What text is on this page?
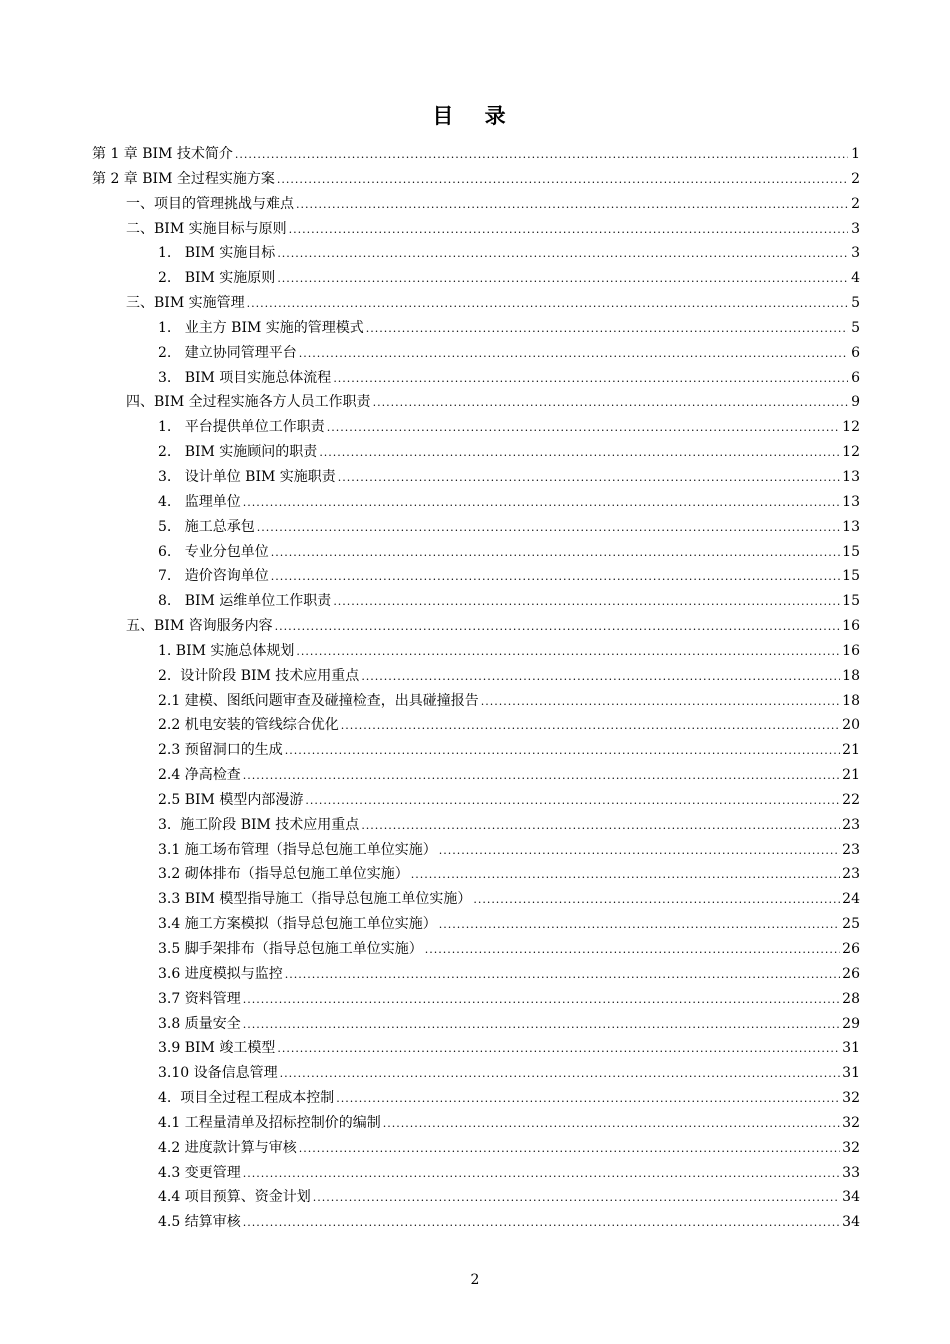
目 录
第 1 章 BIM 技术简介 .....	1
第 2 章 BIM 全过程实施方案 .....	2
一、项目的管理挑战与难点 .....	2
二、BIM 实施目标与原则 .....	3
1.   BIM 实施目标 .....	3
2.   BIM 实施原则 .....	4
三、BIM 实施管理 .....	5
1.   业主方 BIM 实施的管理模式 .....	5
2.   建立协同管理平台 .....	6
3.   BIM 项目实施总体流程 .....	6
四、BIM 全过程实施各方人员工作职责 .....	9
1.   平台提供单位工作职责 .....	12
2.   BIM 实施顾问的职责 .....	12
3.   设计单位 BIM 实施职责 .....	13
4.   监理单位 .....	13
5.   施工总承包 .....	13
6.   专业分包单位 .....	15
7.   造价咨询单位 .....	15
8.   BIM 运维单位工作职责 .....	15
五、BIM 咨询服务内容 .....	16
1. BIM 实施总体规划 .....	16
2.  设计阶段 BIM 技术应用重点 .....	18
2.1 建模、图纸问题审查及碰撞检查，出具碰撞报告 .....	18
2.2 机电安装的管线综合优化 .....	20
2.3 预留洞口的生成 .....	21
2.4 净高检查 .....	21
2.5 BIM 模型内部漫游 .....	22
3.  施工阶段 BIM 技术应用重点 .....	23
3.1 施工场布管理（指导总包施工单位实施） .....	23
3.2 砌体排布（指导总包施工单位实施） .....	23
3.3 BIM 模型指导施工（指导总包施工单位实施） .....	24
3.4 施工方案模拟（指导总包施工单位实施） .....	25
3.5 脚手架排布（指导总包施工单位实施） .....	26
3.6 进度模拟与监控 .....	26
3.7 资料管理 .....	28
3.8 质量安全 .....	29
3.9 BIM 竣工模型 .....	31
3.10 设备信息管理 .....	31
4.  项目全过程工程成本控制 .....	32
4.1 工程量清单及招标控制价的编制 .....	32
4.2 进度款计算与审核 .....	32
4.3 变更管理 .....	33
4.4 项目预算、资金计划 .....	34
4.5 结算审核 .....	34
2
